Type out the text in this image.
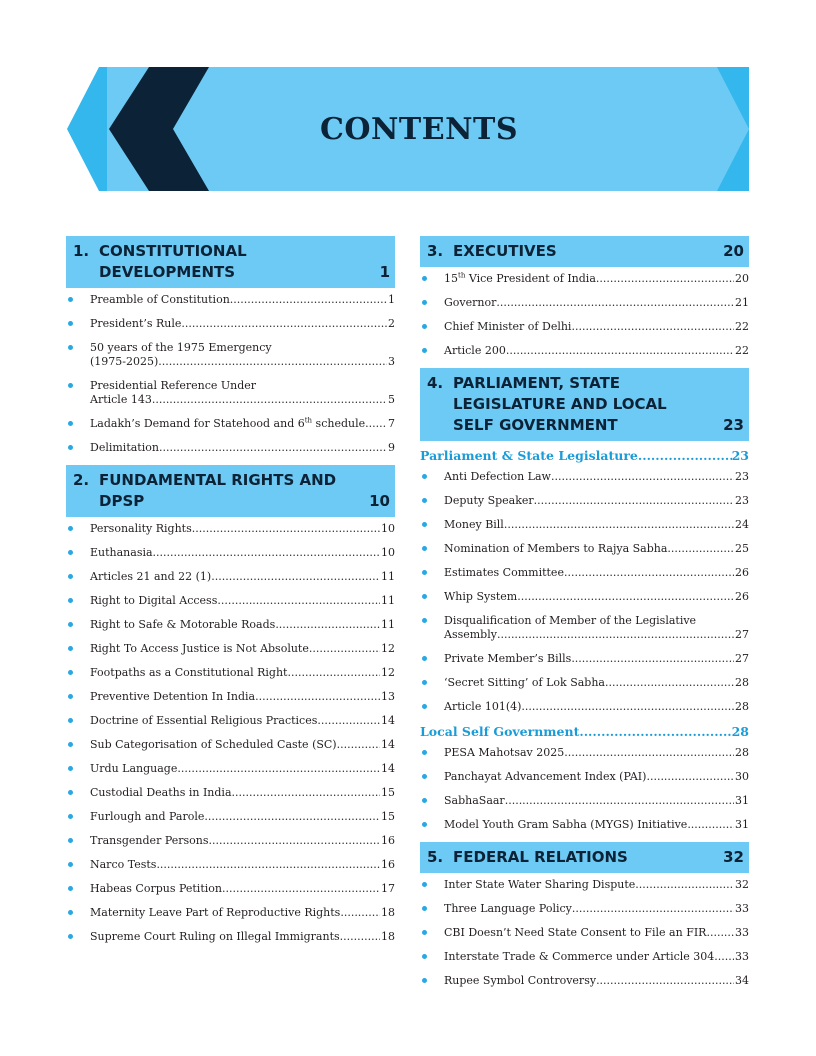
CONTENTS
1. CONSTITUTIONAL DEVELOPMENTS	1
Preamble of Constitution .....	1
President’s Rule .....	2
50 years of the 1975 Emergency
(1975-2025) .....	3
Presidential Reference Under
Article 143 .....	5
Ladakh’s Demand for Statehood and 6th schedule ..... 7
Delimitation .....	9
2. FUNDAMENTAL RIGHTS AND DPSP	10
Personality Rights .....	10
Euthanasia .....	10
Articles 21 and 22 (1) .....	11
Right to Digital Access .....	11
Right to Safe & Motorable Roads .....	11
Right To Access Justice is Not Absolute .....	12
Footpaths as a Constitutional Right .....	12
Preventive Detention In India .....	13
Doctrine of Essential Religious Practices .....	14
Sub Categorisation of Scheduled Caste (SC) .....	14
Urdu Language .....	14
Custodial Deaths in India .....	15
Furlough and Parole .....	15
Transgender Persons .....	16
Narco Tests .....	16
Habeas Corpus Petition .....	17
Maternity Leave Part of Reproductive Rights .....	18
Supreme Court Ruling on Illegal Immigrants .....	18
3. EXECUTIVES	20
15th Vice President of India .....	20
Governor .....	21
Chief Minister of Delhi .....	22
Article 200 .....	22
4. PARLIAMENT, STATE LEGISLATURE AND LOCAL SELF GOVERNMENT	23
Parliament & State Legislature .....	23
Anti Defection Law .....	23
Deputy Speaker .....	23
Money Bill .....	24
Nomination of Members to Rajya Sabha .....	25
Estimates Committee .....	26
Whip System .....	26
Disqualification of Member of the Legislative
Assembly .....	27
Private Member’s Bills .....	27
‘Secret Sitting’ of Lok Sabha .....	28
Article 101(4) .....	28
Local Self Government .....	28
PESA Mahotsav 2025 .....	28
Panchayat Advancement Index (PAI) .....	30
SabhaSaar .....	31
Model Youth Gram Sabha (MYGS) Initiative .....	31
5. FEDERAL RELATIONS	32
Inter State Water Sharing Dispute .....	32
Three Language Policy .....	33
CBI Doesn’t Need State Consent to File an FIR .....	33
Interstate Trade & Commerce under Article 304 ..... 33
Rupee Symbol Controversy .....	34
